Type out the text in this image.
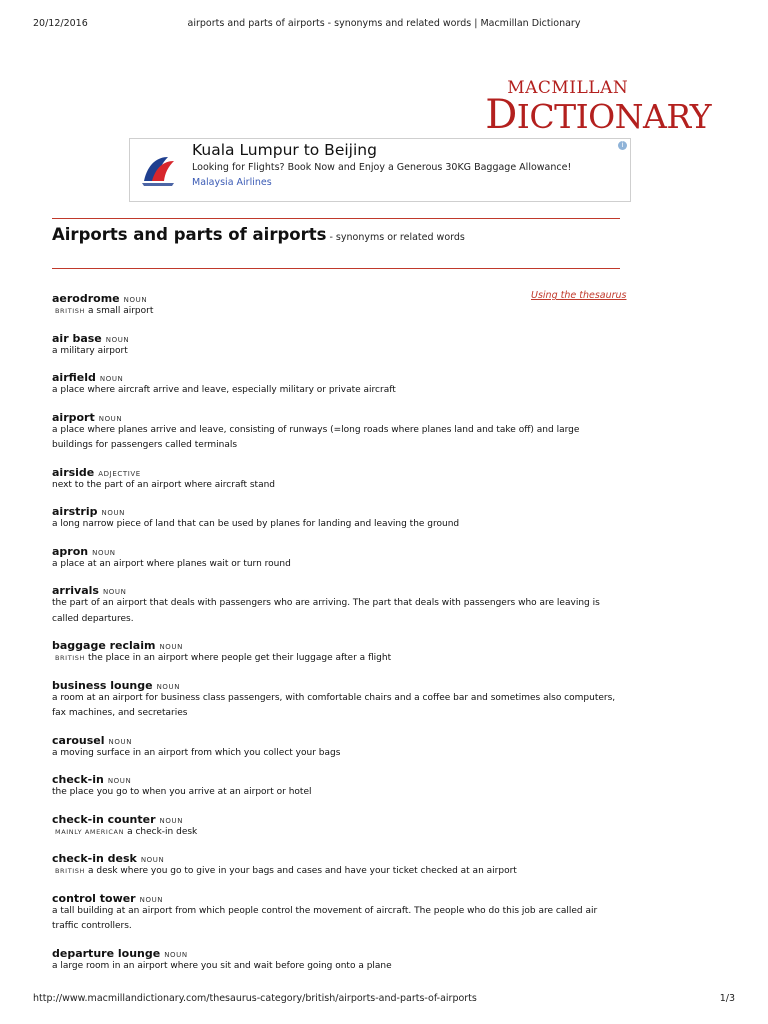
20/12/2016	airports and parts of airports - synonyms and related words | Macmillan Dictionary
MACMILLAN
DICTIONARY
Kuala Lumpur to Beijing
Looking for Flights? Book Now and Enjoy a Generous 30KG Baggage Allowance!
Malaysia Airlines
i
Airports and parts of airports - synonyms or related words
Using the thesaurus
aerodrome NOUN
BRITISH a small airport
air base NOUN
a military airport
airfield NOUN
a place where aircraft arrive and leave, especially military or private aircraft
airport NOUN
a place where planes arrive and leave, consisting of runways (=long roads where planes land and take off) and large buildings for passengers called terminals
airside ADJECTIVE
next to the part of an airport where aircraft stand
airstrip NOUN
a long narrow piece of land that can be used by planes for landing and leaving the ground
apron NOUN
a place at an airport where planes wait or turn round
arrivals NOUN
the part of an airport that deals with passengers who are arriving. The part that deals with passengers who are leaving is called departures.
baggage reclaim NOUN
BRITISH the place in an airport where people get their luggage after a flight
business lounge NOUN
a room at an airport for business class passengers, with comfortable chairs and a coffee bar and sometimes also computers, fax machines, and secretaries
carousel NOUN
a moving surface in an airport from which you collect your bags
check-in NOUN
the place you go to when you arrive at an airport or hotel
check-in counter NOUN
MAINLY AMERICAN a check-in desk
check-in desk NOUN
BRITISH a desk where you go to give in your bags and cases and have your ticket checked at an airport
control tower NOUN
a tall building at an airport from which people control the movement of aircraft. The people who do this job are called air traffic controllers.
departure lounge NOUN
a large room in an airport where you sit and wait before going onto a plane
http://www.macmillandictionary.com/thesaurus-category/british/airports-and-parts-of-airports	1/3
